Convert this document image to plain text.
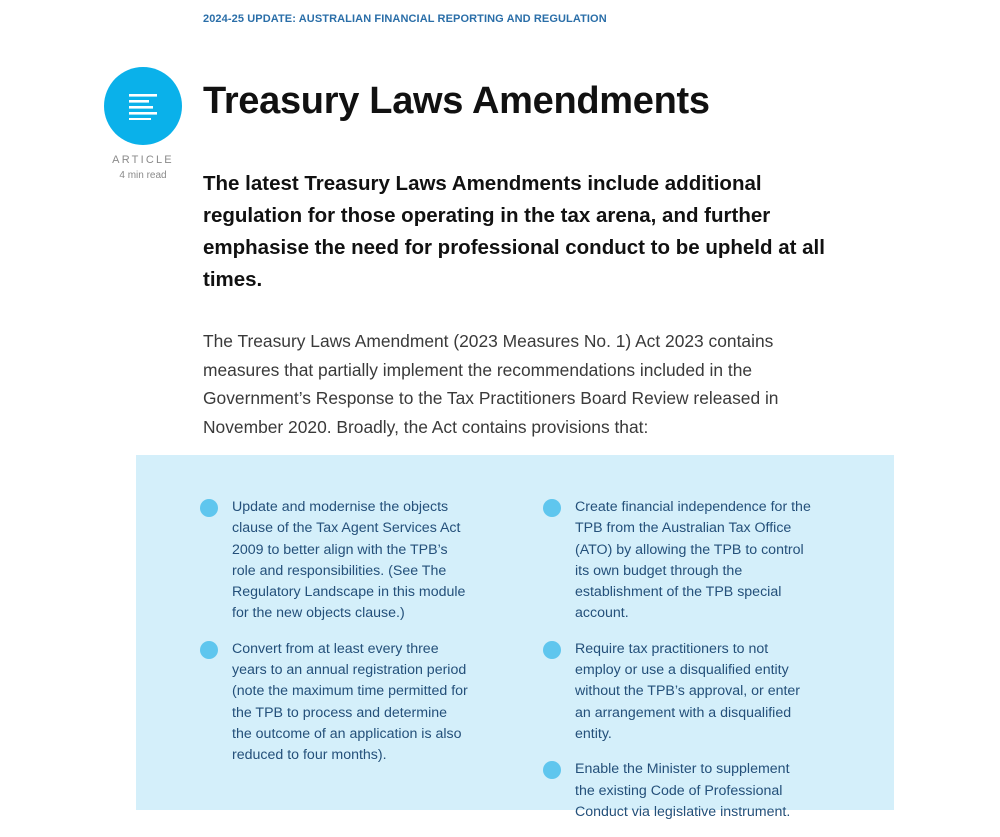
2024-25 UPDATE: AUSTRALIAN FINANCIAL REPORTING AND REGULATION
ARTICLE
4 min read
Treasury Laws Amendments

The latest Treasury Laws Amendments include additional regulation for those operating in the tax arena, and further emphasise the need for professional conduct to be upheld at all times.

The Treasury Laws Amendment (2023 Measures No. 1) Act 2023 contains measures that partially implement the recommendations included in the Government’s Response to the Tax Practitioners Board Review released in November 2020. Broadly, the Act contains provisions that:

Update and modernise the objects clause of the Tax Agent Services Act 2009 to better align with the TPB’s role and responsibilities. (See The Regulatory Landscape in this module for the new objects clause.)
Convert from at least every three years to an annual registration period (note the maximum time permitted for the TPB to process and determine the outcome of an application is also reduced to four months).
Create financial independence for the TPB from the Australian Tax Office (ATO) by allowing the TPB to control its own budget through the establishment of the TPB special account.
Require tax practitioners to not employ or use a disqualified entity without the TPB’s approval, or enter an arrangement with a disqualified entity.
Enable the Minister to supplement the existing Code of Professional Conduct via legislative instrument.
